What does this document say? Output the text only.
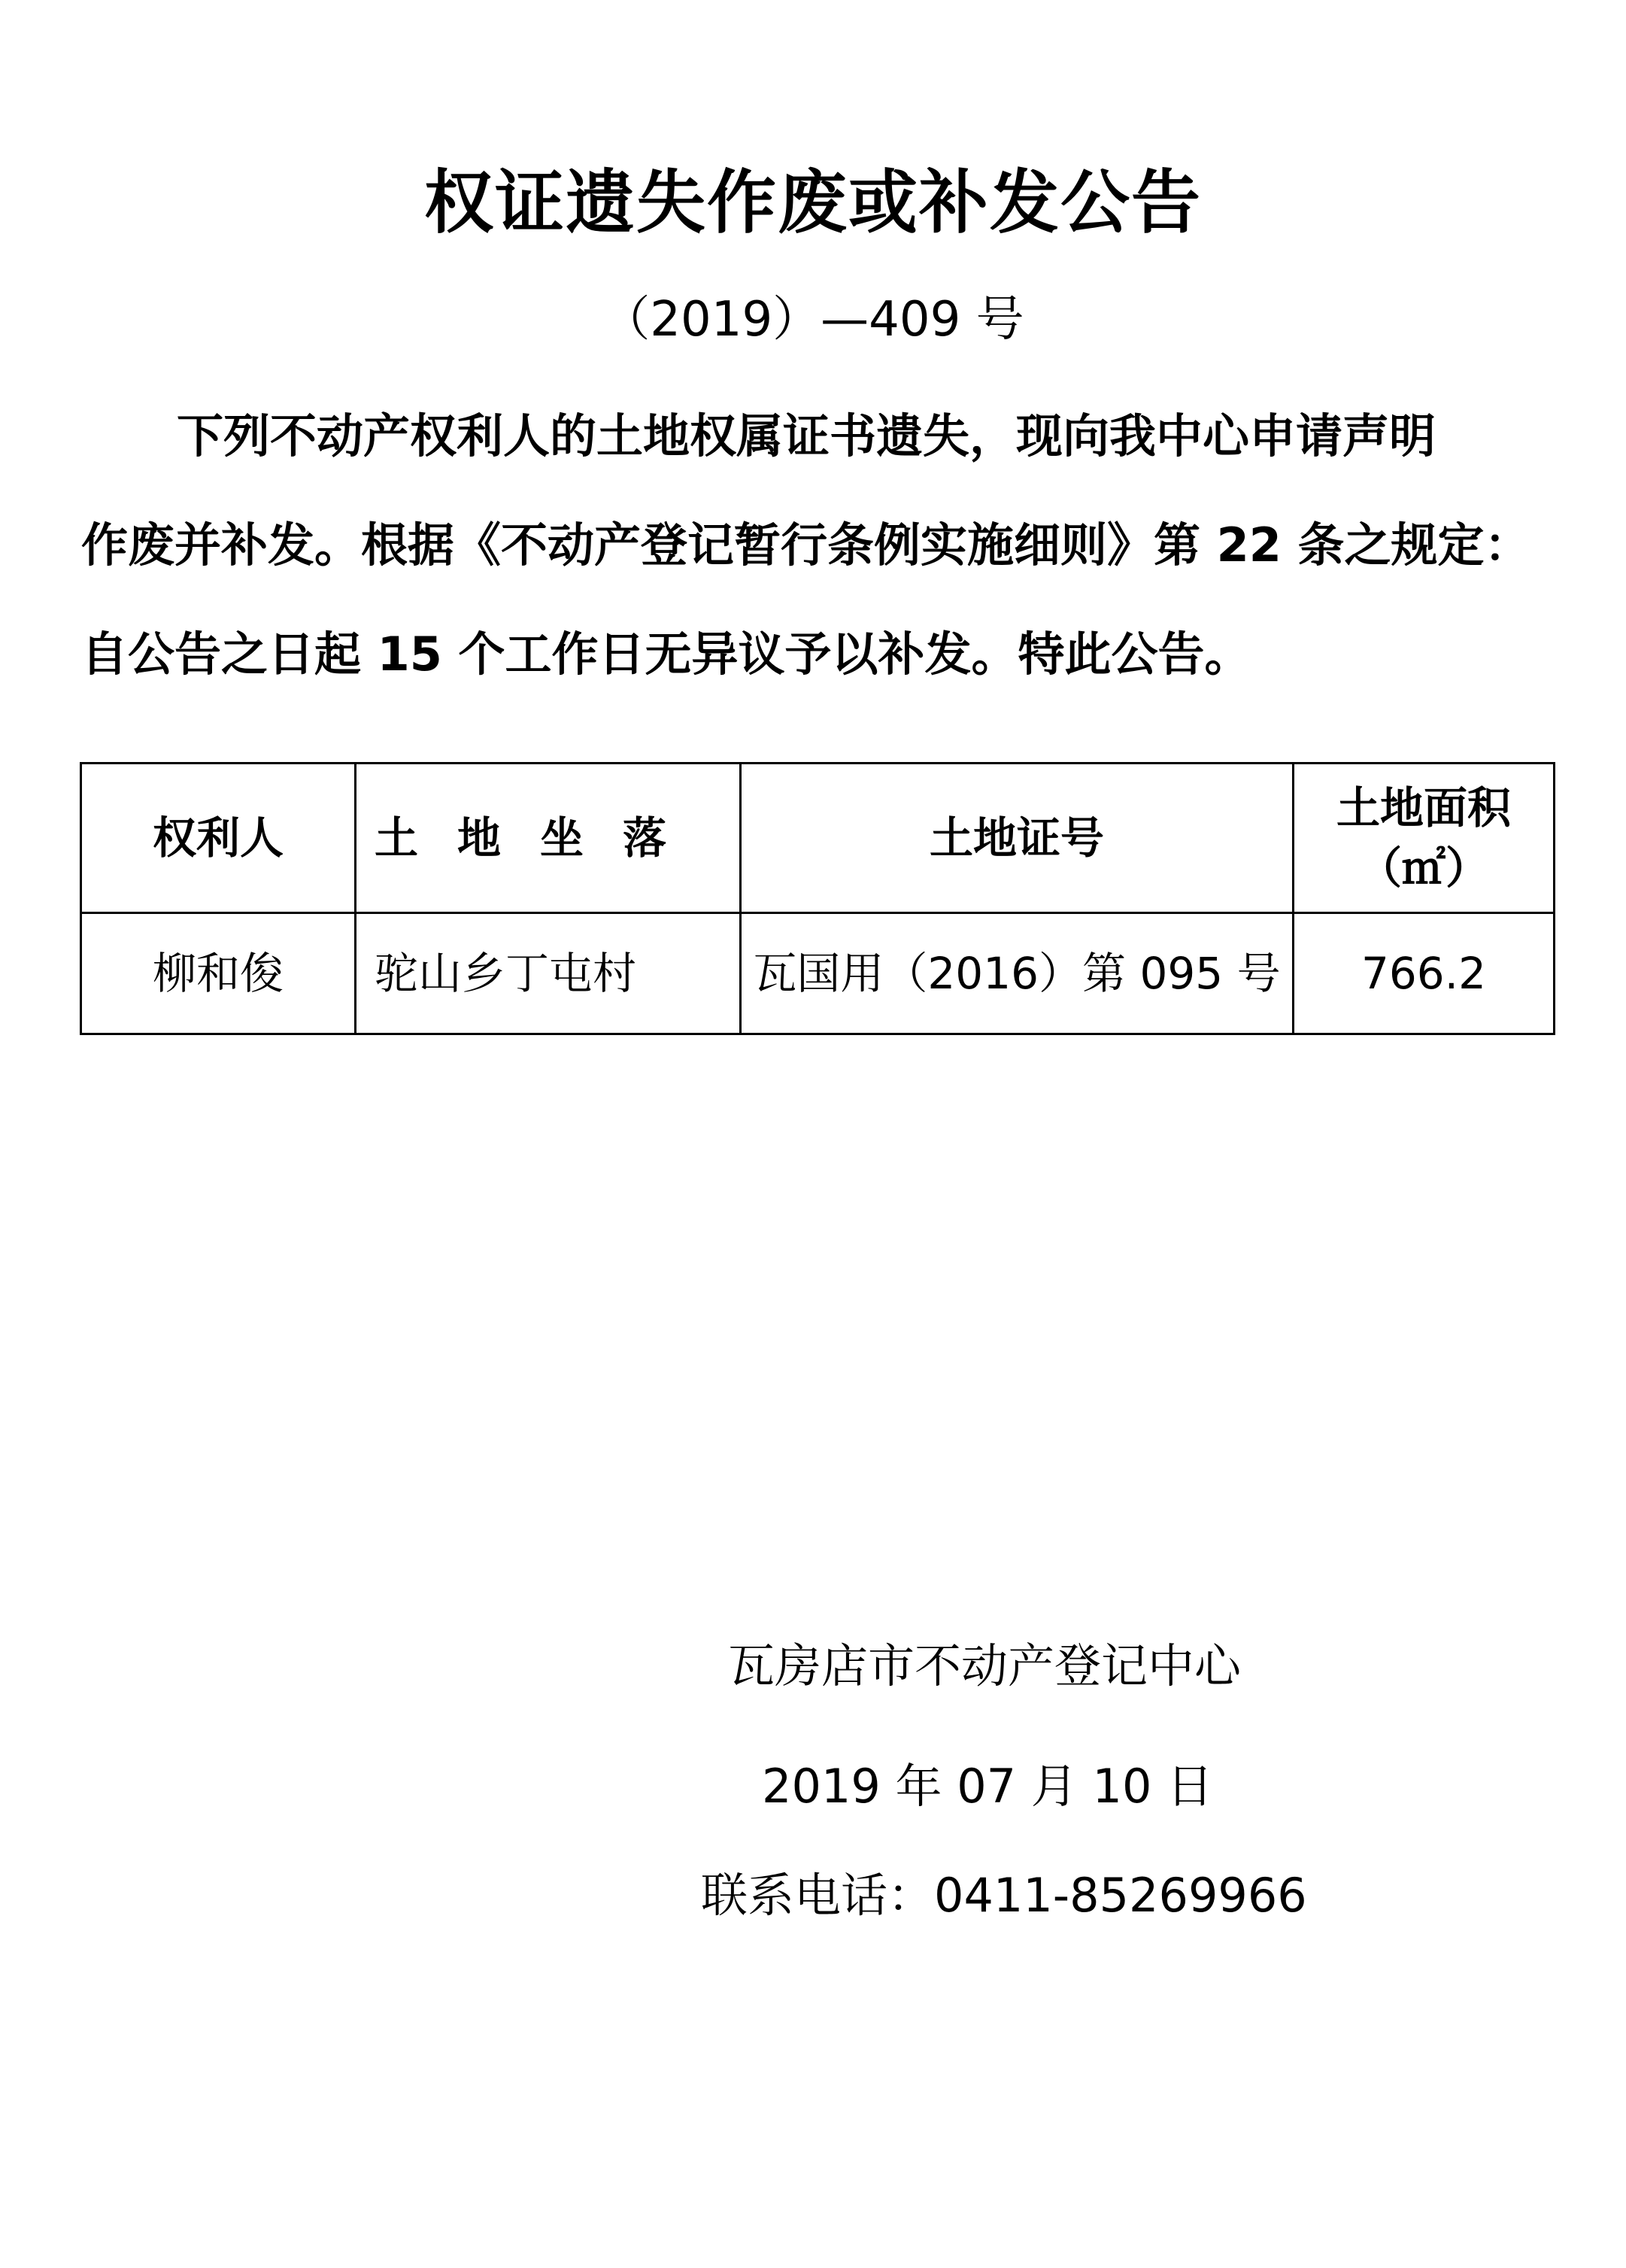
权证遗失作废或补发公告
（2019）—409 号
下列不动产权利人的土地权属证书遗失，现向我中心申请声明
作废并补发。根据《不动产登记暂行条例实施细则》第 22 条之规定：
自公告之日起 15 个工作日无异议予以补发。特此公告。
权利人	土地坐落	土地证号	土地面积
（㎡）

柳和俊	驼山乡丁屯村	瓦国用（2016）第 095 号	766.2
瓦房店市不动产登记中心
2019 年 07 月 10 日
联系电话：0411-85269966
